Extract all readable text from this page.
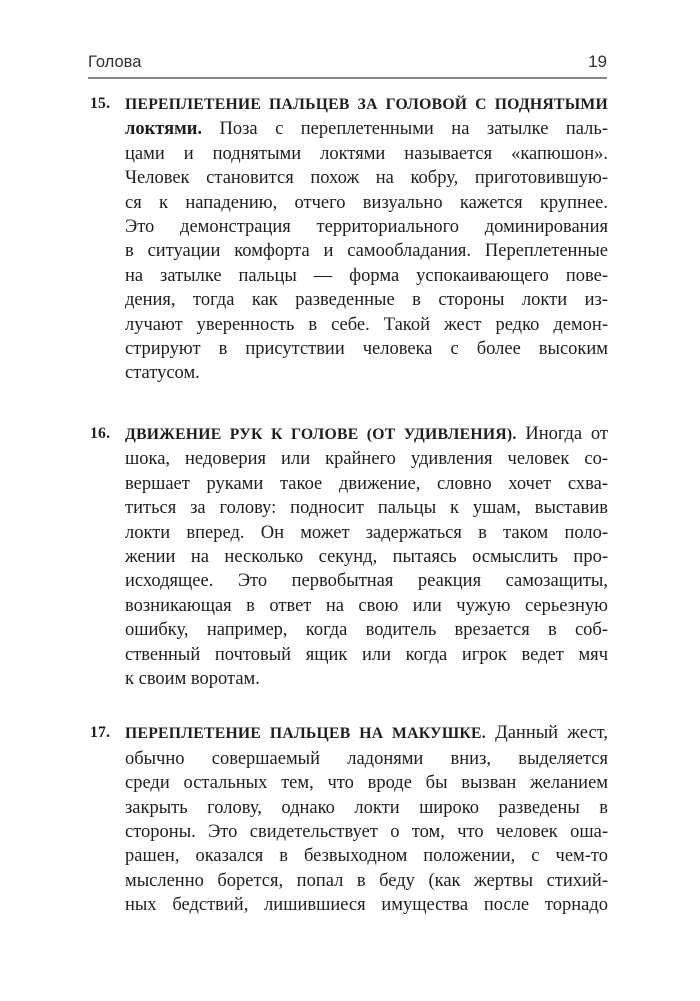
Голова	19
15. ПЕРЕПЛЕТЕНИЕ ПАЛЬЦЕВ ЗА ГОЛОВОЙ С ПОДНЯТЫМИ
локтями. Поза с переплетенными на затылке паль-
цами и поднятыми локтями называется «капюшон».
Человек становится похож на кобру, приготовившую-
ся к нападению, отчего визуально кажется крупнее.
Это демонстрация территориального доминирования
в ситуации комфорта и самообладания. Переплетенные
на затылке пальцы — форма успокаивающего пове-
дения, тогда как разведенные в стороны локти из-
лучают уверенность в себе. Такой жест редко демон-
стрируют в присутствии человека с более высоким
статусом.
16. ДВИЖЕНИЕ РУК К ГОЛОВЕ (ОТ УДИВЛЕНИЯ). Иногда от
шока, недоверия или крайнего удивления человек со-
вершает руками такое движение, словно хочет схва-
титься за голову: подносит пальцы к ушам, выставив
локти вперед. Он может задержаться в таком поло-
жении на несколько секунд, пытаясь осмыслить про-
исходящее. Это первобытная реакция самозащиты,
возникающая в ответ на свою или чужую серьезную
ошибку, например, когда водитель врезается в соб-
ственный почтовый ящик или когда игрок ведет мяч
к своим воротам.
17. ПЕРЕПЛЕТЕНИЕ ПАЛЬЦЕВ НА МАКУШКЕ. Данный жест,
обычно совершаемый ладонями вниз, выделяется
среди остальных тем, что вроде бы вызван желанием
закрыть голову, однако локти широко разведены в
стороны. Это свидетельствует о том, что человек оша-
рашен, оказался в безвыходном положении, с чем-то
мысленно борется, попал в беду (как жертвы стихий-
ных бедствий, лишившиеся имущества после торнадо
